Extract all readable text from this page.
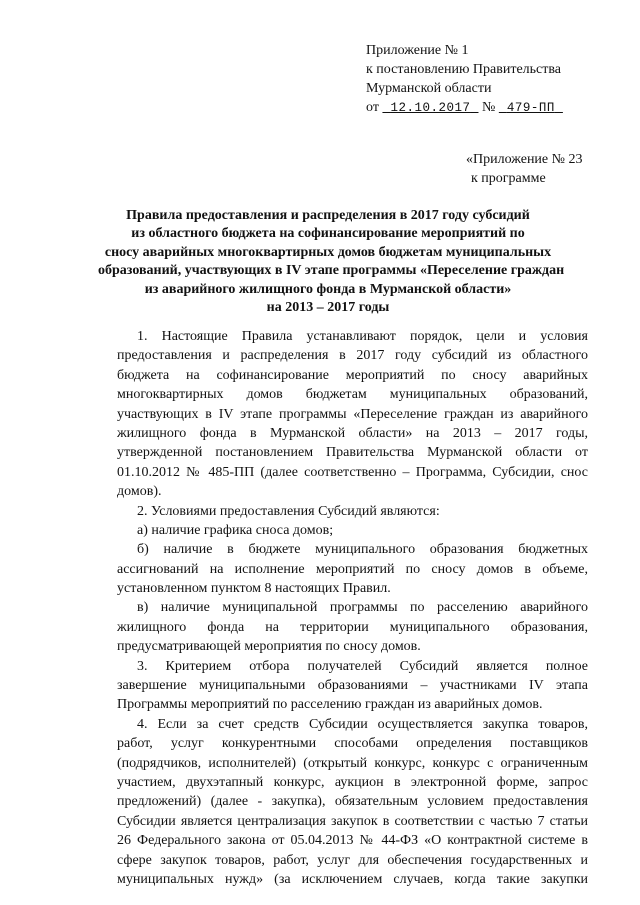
Приложение № 1
к постановлению Правительства
Мурманской области
от 12.10.2017 № 479-ПП
«Приложение № 23
к программе
Правила предоставления и распределения в 2017 году субсидий
из областного бюджета на софинансирование мероприятий по
сносу аварийных многоквартирных домов бюджетам муниципальных
образований, участвующих в IV этапе программы «Переселение граждан
из аварийного жилищного фонда в Мурманской области»
на 2013 – 2017 годы
1. Настоящие Правила устанавливают порядок, цели и условия
предоставления и распределения в 2017 году субсидий из областного
бюджета на софинансирование мероприятий по сносу аварийных
многоквартирных домов бюджетам муниципальных образований,
участвующих в IV этапе программы «Переселение граждан из аварийного
жилищного фонда в Мурманской области» на 2013 – 2017 годы,
утвержденной постановлением Правительства Мурманской области от
01.10.2012 № 485-ПП (далее соответственно – Программа, Субсидии, снос
домов).
2. Условиями предоставления Субсидий являются:
а) наличие графика сноса домов;
б) наличие в бюджете муниципального образования бюджетных
ассигнований на исполнение мероприятий по сносу домов в объеме,
установленном пунктом 8 настоящих Правил.
в) наличие муниципальной программы по расселению аварийного
жилищного фонда на территории муниципального образования,
предусматривающей мероприятия по сносу домов.
3. Критерием отбора получателей Субсидий является полное
завершение муниципальными образованиями – участниками IV этапа
Программы мероприятий по расселению граждан из аварийных домов.
4. Если за счет средств Субсидии осуществляется закупка товаров,
работ, услуг конкурентными способами определения поставщиков
(подрядчиков, исполнителей) (открытый конкурс, конкурс с ограниченным
участием, двухэтапный конкурс, аукцион в электронной форме, запрос
предложений) (далее - закупка), обязательным условием предоставления
Субсидии является централизация закупок в соответствии с частью 7 статьи
26 Федерального закона от 05.04.2013 № 44-ФЗ «О контрактной системе в
сфере закупок товаров, работ, услуг для обеспечения государственных и
муниципальных нужд» (за исключением случаев, когда такие закупки
